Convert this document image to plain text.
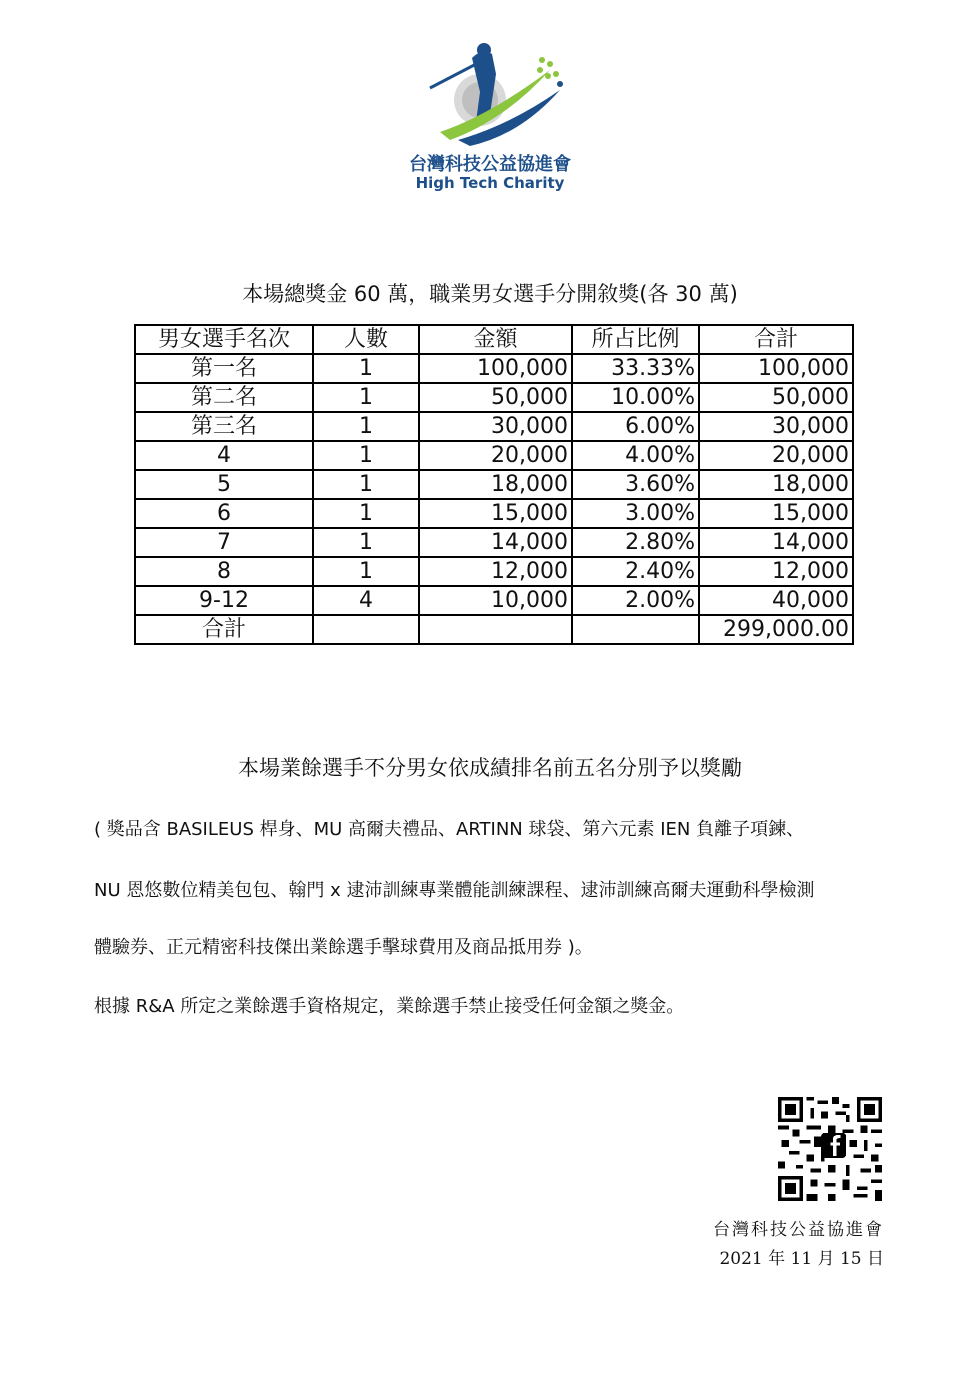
台灣科技公益協進會
High Tech Charity
本場總獎金 60 萬，職業男女選手分開敘獎(各 30 萬)
男女選手名次	人數	金額	所占比例	合計
第一名	1	100,000	33.33%	100,000
第二名	1	50,000	10.00%	50,000
第三名	1	30,000	6.00%	30,000
4	1	20,000	4.00%	20,000
5	1	18,000	3.60%	18,000
6	1	15,000	3.00%	15,000
7	1	14,000	2.80%	14,000
8	1	12,000	2.40%	12,000
9-12	4	10,000	2.00%	40,000
合計				299,000.00
本場業餘選手不分男女依成績排名前五名分別予以獎勵
( 獎品含 BASILEUS 桿身、MU 高爾夫禮品、ARTINN 球袋、第六元素 IEN 負離子項鍊、
NU 恩悠數位精美包包、翰門 x 逮沛訓練專業體能訓練課程、逮沛訓練高爾夫運動科學檢測
體驗券、正元精密科技傑出業餘選手擊球費用及商品抵用券 )。
根據 R&A 所定之業餘選手資格規定，業餘選手禁止接受任何金額之獎金。
台灣科技公益協進會
2021 年 11 月 15 日
